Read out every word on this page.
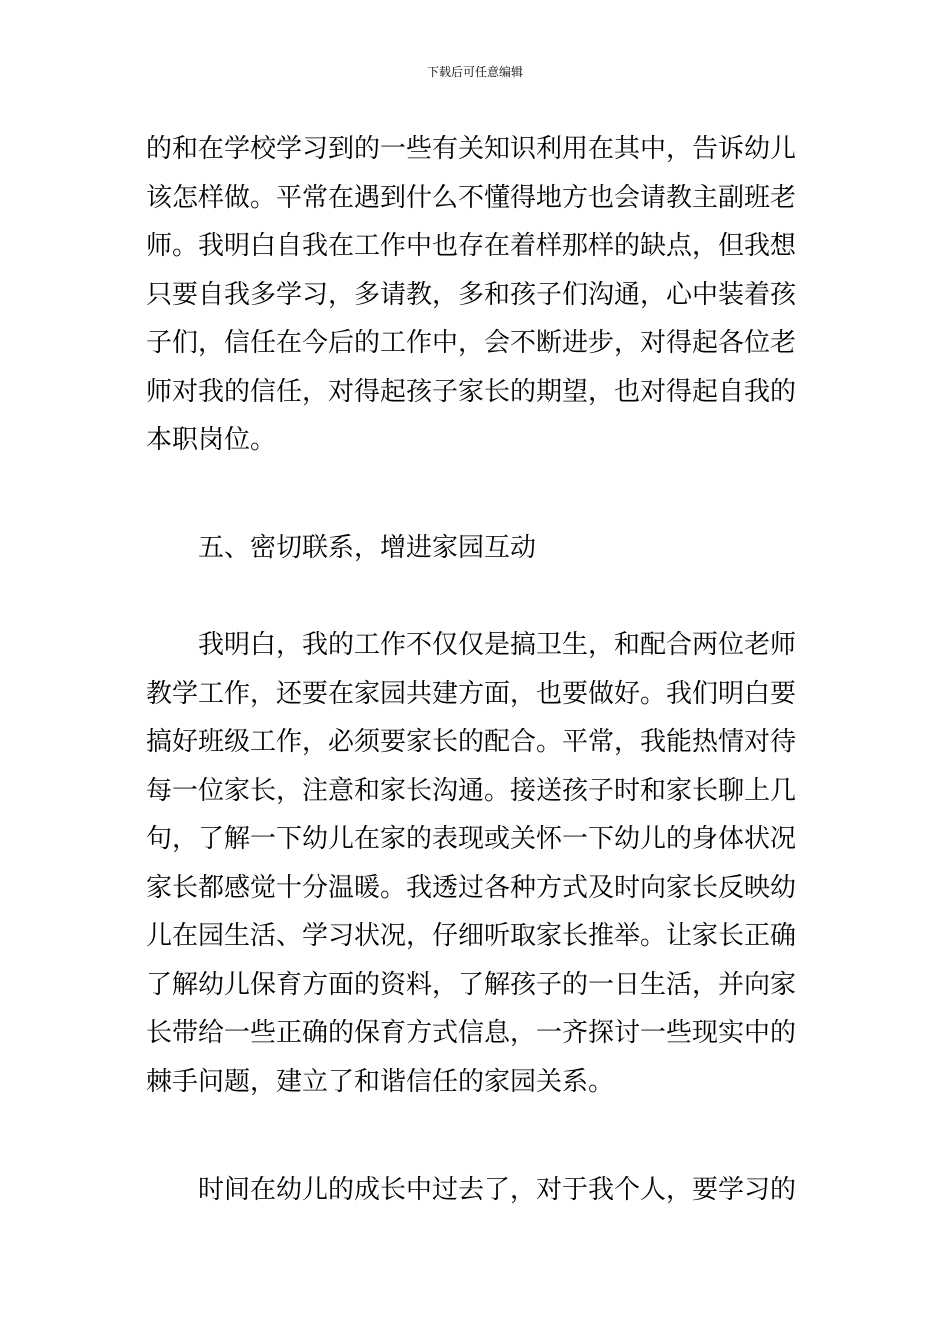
下载后可任意编辑
的和在学校学习到的一些有关知识利用在其中，告诉幼儿
该怎样做。平常在遇到什么不懂得地方也会请教主副班老
师。我明白自我在工作中也存在着样那样的缺点，但我想
只要自我多学习，多请教，多和孩子们沟通，心中装着孩
子们，信任在今后的工作中，会不断进步，对得起各位老
师对我的信任，对得起孩子家长的期望，也对得起自我的
本职岗位。
五、密切联系，增进家园互动
我明白，我的工作不仅仅是搞卫生，和配合两位老师
教学工作，还要在家园共建方面，也要做好。我们明白要
搞好班级工作，必须要家长的配合。平常，我能热情对待
每一位家长，注意和家长沟通。接送孩子时和家长聊上几
句，了解一下幼儿在家的表现或关怀一下幼儿的身体状况
家长都感觉十分温暖。我透过各种方式及时向家长反映幼
儿在园生活、学习状况，仔细听取家长推举。让家长正确
了解幼儿保育方面的资料，了解孩子的一日生活，并向家
长带给一些正确的保育方式信息，一齐探讨一些现实中的
棘手问题，建立了和谐信任的家园关系。
时间在幼儿的成长中过去了，对于我个人，要学习的
